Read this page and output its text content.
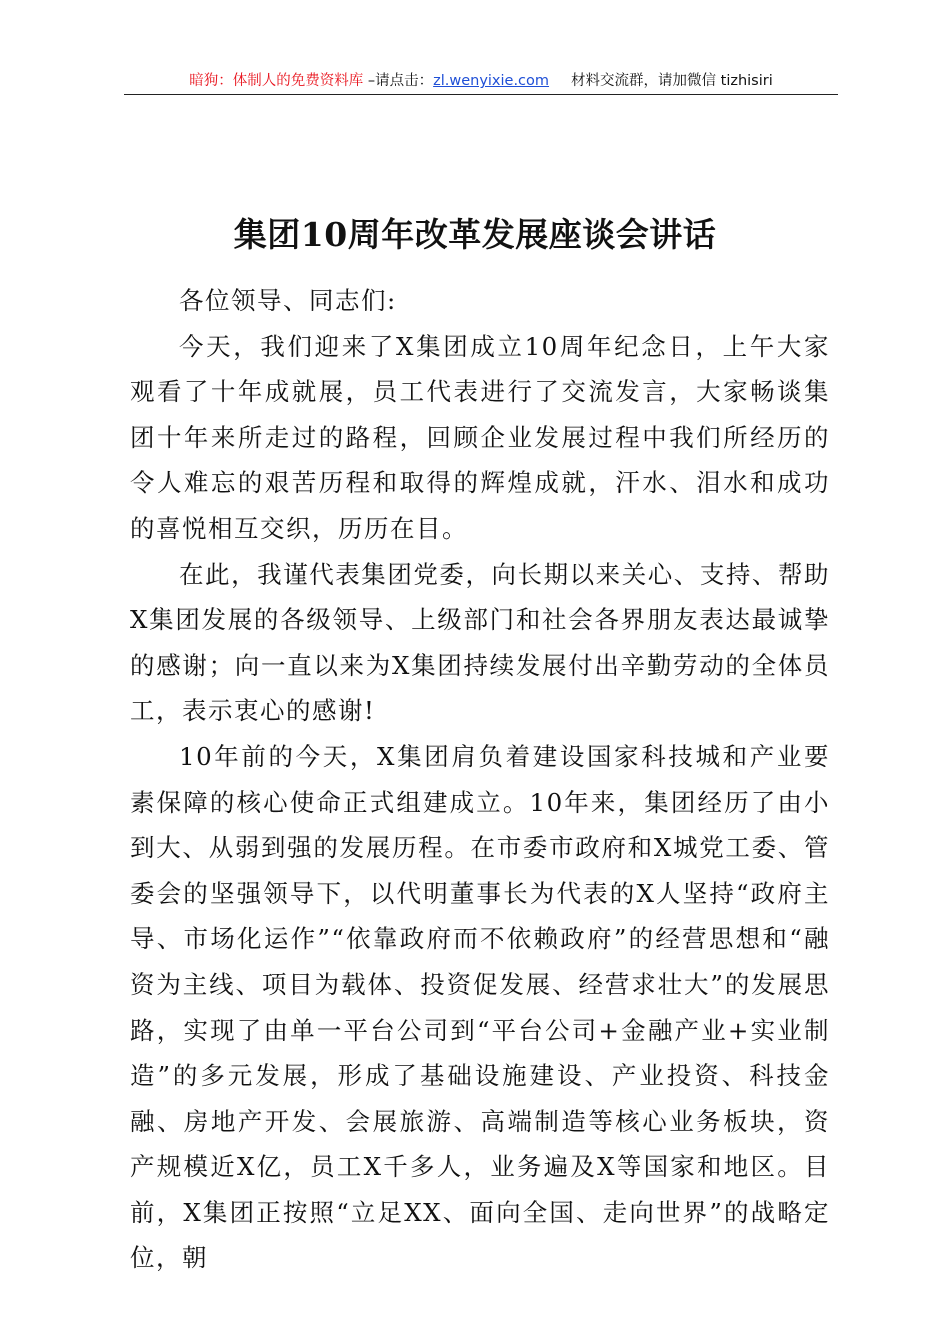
暗狗：体制人的免费资料库 –请点击：zl.wenyixie.com 材料交流群，请加微信 tizhisiri
集团10周年改革发展座谈会讲话

各位领导、同志们:

今天，我们迎来了X集团成立10周年纪念日，上午大家观看了十年成就展，员工代表进行了交流发言，大家畅谈集团十年来所走过的路程，回顾企业发展过程中我们所经历的令人难忘的艰苦历程和取得的辉煌成就，汗水、泪水和成功的喜悦相互交织，历历在目。

在此，我谨代表集团党委，向长期以来关心、支持、帮助X集团发展的各级领导、上级部门和社会各界朋友表达最诚挚的感谢；向一直以来为X集团持续发展付出辛勤劳动的全体员工，表示衷心的感谢!

10年前的今天，X集团肩负着建设国家科技城和产业要素保障的核心使命正式组建成立。10年来，集团经历了由小到大、从弱到强的发展历程。在市委市政府和X城党工委、管委会的坚强领导下，以代明董事长为代表的X人坚持“政府主导、市场化运作”“依靠政府而不依赖政府”的经营思想和“融资为主线、项目为载体、投资促发展、经营求壮大”的发展思路，实现了由单一平台公司到“平台公司+金融产业+实业制造”的多元发展，形成了基础设施建设、产业投资、科技金融、房地产开发、会展旅游、高端制造等核心业务板块，资产规模近X亿，员工X千多人，业务遍及X等国家和地区。目前，X集团正按照“立足XX、面向全国、走向世界”的战略定位，朝
